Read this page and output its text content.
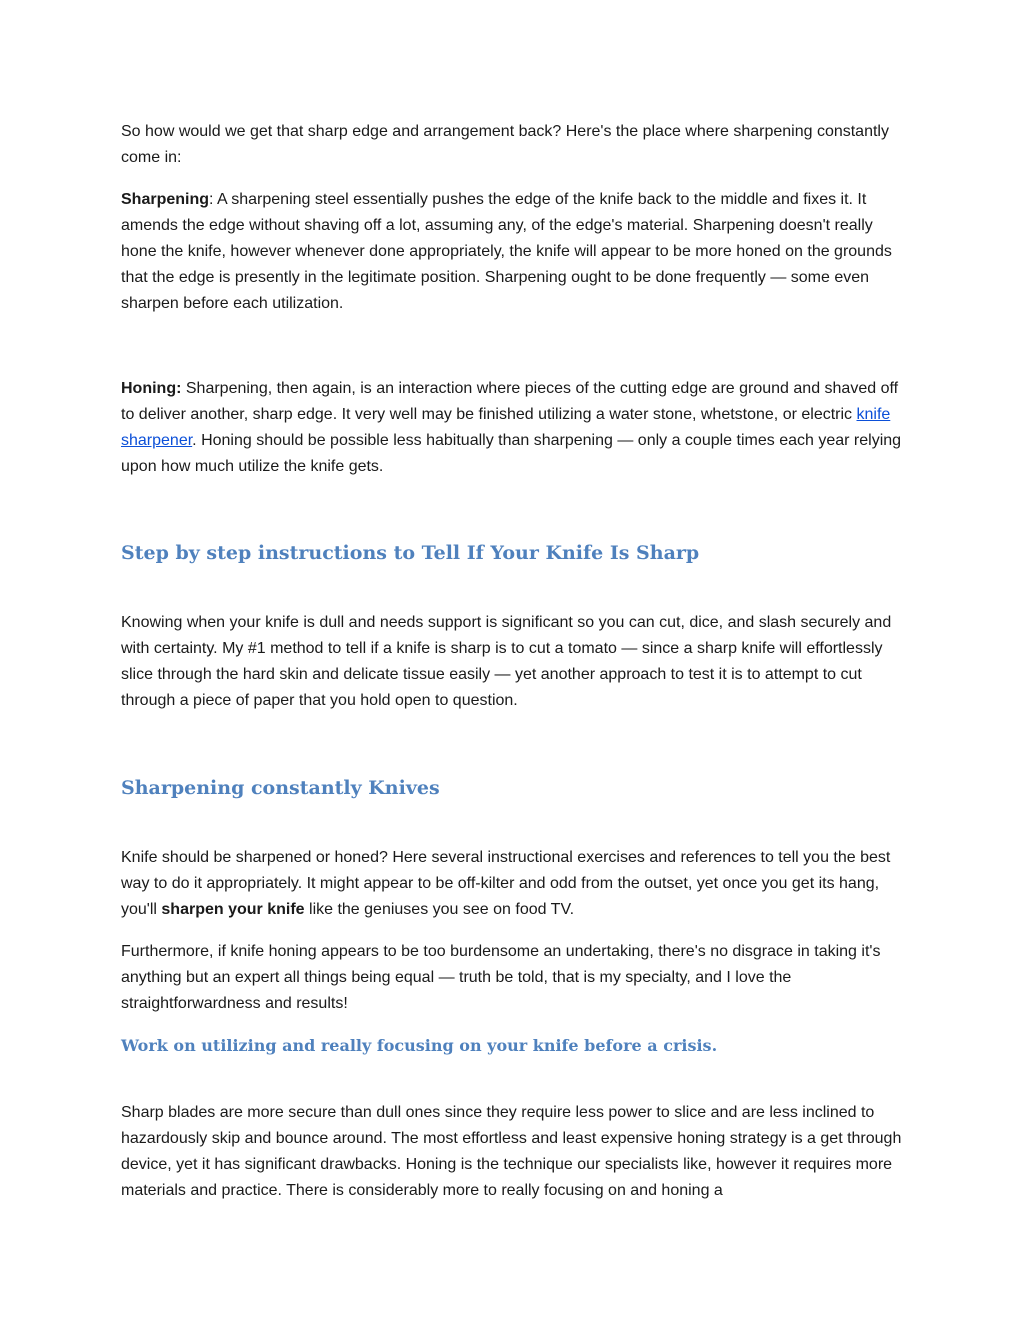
So how would we get that sharp edge and arrangement back? Here's the place where sharpening constantly come in:

Sharpening: A sharpening steel essentially pushes the edge of the knife back to the middle and fixes it. It amends the edge without shaving off a lot, assuming any, of the edge's material. Sharpening doesn't really hone the knife, however whenever done appropriately, the knife will appear to be more honed on the grounds that the edge is presently in the legitimate position. Sharpening ought to be done frequently — some even sharpen before each utilization.

Honing: Sharpening, then again, is an interaction where pieces of the cutting edge are ground and shaved off to deliver another, sharp edge. It very well may be finished utilizing a water stone, whetstone, or electric knife sharpener. Honing should be possible less habitually than sharpening — only a couple times each year relying upon how much utilize the knife gets.

Step by step instructions to Tell If Your Knife Is Sharp

Knowing when your knife is dull and needs support is significant so you can cut, dice, and slash securely and with certainty. My #1 method to tell if a knife is sharp is to cut a tomato — since a sharp knife will effortlessly slice through the hard skin and delicate tissue easily — yet another approach to test it is to attempt to cut through a piece of paper that you hold open to question.

Sharpening constantly Knives

Knife should be sharpened or honed? Here several instructional exercises and references to tell you the best way to do it appropriately. It might appear to be off-kilter and odd from the outset, yet once you get its hang, you'll sharpen your knife like the geniuses you see on food TV.

Furthermore, if knife honing appears to be too burdensome an undertaking, there's no disgrace in taking it's anything but an expert all things being equal — truth be told, that is my specialty, and I love the straightforwardness and results!

Work on utilizing and really focusing on your knife before a crisis.

Sharp blades are more secure than dull ones since they require less power to slice and are less inclined to hazardously skip and bounce around. The most effortless and least expensive honing strategy is a get through device, yet it has significant drawbacks. Honing is the technique our specialists like, however it requires more materials and practice. There is considerably more to really focusing on and honing a
